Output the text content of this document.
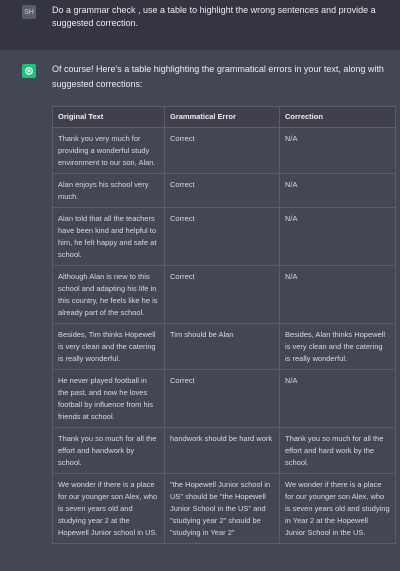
SH Do a grammar check , use a table to highlight the wrong sentences and provide a suggested correction.
Of course! Here's a table highlighting the grammatical errors in your text, along with suggested corrections:
Original Text	Grammatical Error	Correction
Thank you very much for providing a wonderful study environment to our son, Alan.	Correct	N/A
Alan enjoys his school very much.	Correct	N/A
Alan told that all the teachers have been kind and helpful to him, he felt happy and safe at school.	Correct	N/A
Although Alan is new to this school and adapting his life in this country, he feels like he is already part of the school.	Correct	N/A
Besides, Tim thinks Hopewell is very clean and the catering is really wonderful.	Tim should be Alan	Besides, Alan thinks Hopewell is very clean and the catering is really wonderful.
He never played football in the past, and now he loves football by influence from his friends at school.	Correct	N/A
Thank you so much for all the effort and handwork by school.	handwork should be hard work	Thank you so much for all the effort and hard work by the school.
We wonder if there is a place for our younger son Alex, who is seven years old and studying year 2 at the Hopewell Junior school in US.	"the Hopewell Junior school in US" should be "the Hopewell Junior School in the US" and "studying year 2" should be "studying in Year 2"	We wonder if there is a place for our younger son Alex, who is seven years old and studying in Year 2 at the Hopewell Junior School in the US.
